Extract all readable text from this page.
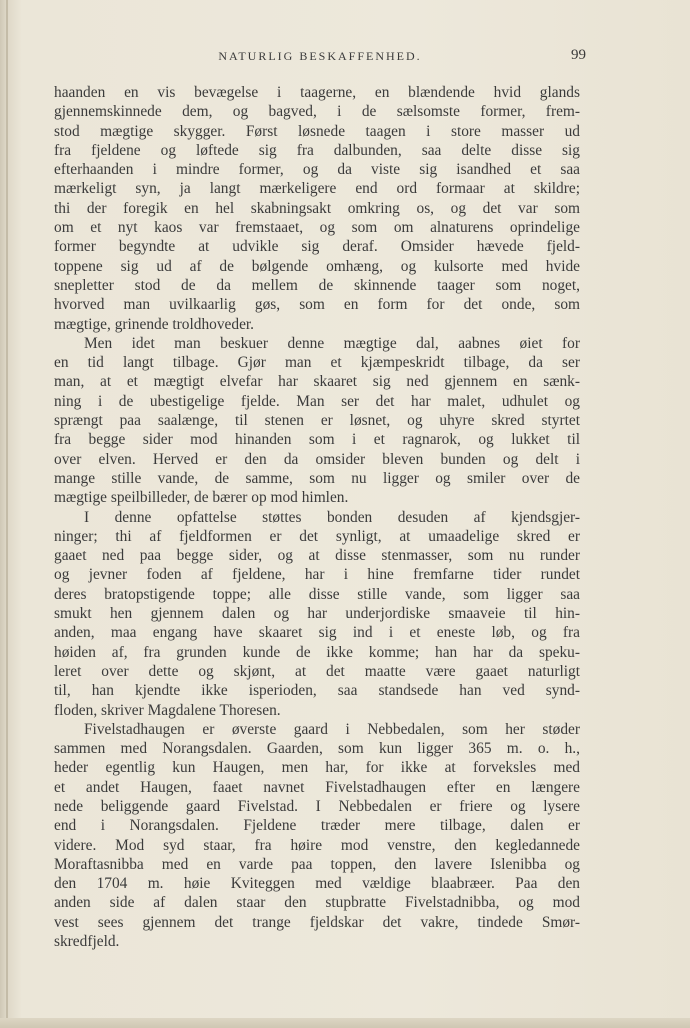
NATURLIG BESKAFFENHED.	99
haanden en vis bevægelse i taagerne, en blændende hvid glands
gjennemskinnede dem, og bagved, i de sælsomste former, frem-
stod mægtige skygger. Først løsnede taagen i store masser ud
fra fjeldene og løftede sig fra dalbunden, saa delte disse sig
efterhaanden i mindre former, og da viste sig isandhed et saa
mærkeligt syn, ja langt mærkeligere end ord formaar at skildre;
thi der foregik en hel skabningsakt omkring os, og det var som
om et nyt kaos var fremstaaet, og som om alnaturens oprindelige
former begyndte at udvikle sig deraf. Omsider hævede fjeld-
toppene sig ud af de bølgende omhæng, og kulsorte med hvide
snepletter stod de da mellem de skinnende taager som noget,
hvorved man uvilkaarlig gøs, som en form for det onde, som
mægtige, grinende troldhoveder.
Men idet man beskuer denne mægtige dal, aabnes øiet for
en tid langt tilbage. Gjør man et kjæmpeskridt tilbage, da ser
man, at et mægtigt elvefar har skaaret sig ned gjennem en sænk-
ning i de ubestigelige fjelde. Man ser det har malet, udhulet og
sprængt paa saalænge, til stenen er løsnet, og uhyre skred styrtet
fra begge sider mod hinanden som i et ragnarok, og lukket til
over elven. Herved er den da omsider bleven bunden og delt i
mange stille vande, de samme, som nu ligger og smiler over de
mægtige speilbilleder, de bærer op mod himlen.
I denne opfattelse støttes bonden desuden af kjendsgjer-
ninger; thi af fjeldformen er det synligt, at umaadelige skred er
gaaet ned paa begge sider, og at disse stenmasser, som nu runder
og jevner foden af fjeldene, har i hine fremfarne tider rundet
deres bratopstigende toppe; alle disse stille vande, som ligger saa
smukt hen gjennem dalen og har underjordiske smaaveie til hin-
anden, maa engang have skaaret sig ind i et eneste løb, og fra
høiden af, fra grunden kunde de ikke komme; han har da speku-
leret over dette og skjønt, at det maatte være gaaet naturligt
til, han kjendte ikke isperioden, saa standsede han ved synd-
floden, skriver Magdalene Thoresen.
Fivelstadhaugen er øverste gaard i Nebbedalen, som her støder
sammen med Norangsdalen. Gaarden, som kun ligger 365 m. o. h.,
heder egentlig kun Haugen, men har, for ikke at forveksles med
et andet Haugen, faaet navnet Fivelstadhaugen efter en længere
nede beliggende gaard Fivelstad. I Nebbedalen er friere og lysere
end i Norangsdalen. Fjeldene træder mere tilbage, dalen er
videre. Mod syd staar, fra høire mod venstre, den kegledannede
Moraftasnibba med en varde paa toppen, den lavere Islenibba og
den 1704 m. høie Kviteggen med vældige blaabræer. Paa den
anden side af dalen staar den stupbratte Fivelstadnibba, og mod
vest sees gjennem det trange fjeldskar det vakre, tindede Smør-
skredfjeld.
